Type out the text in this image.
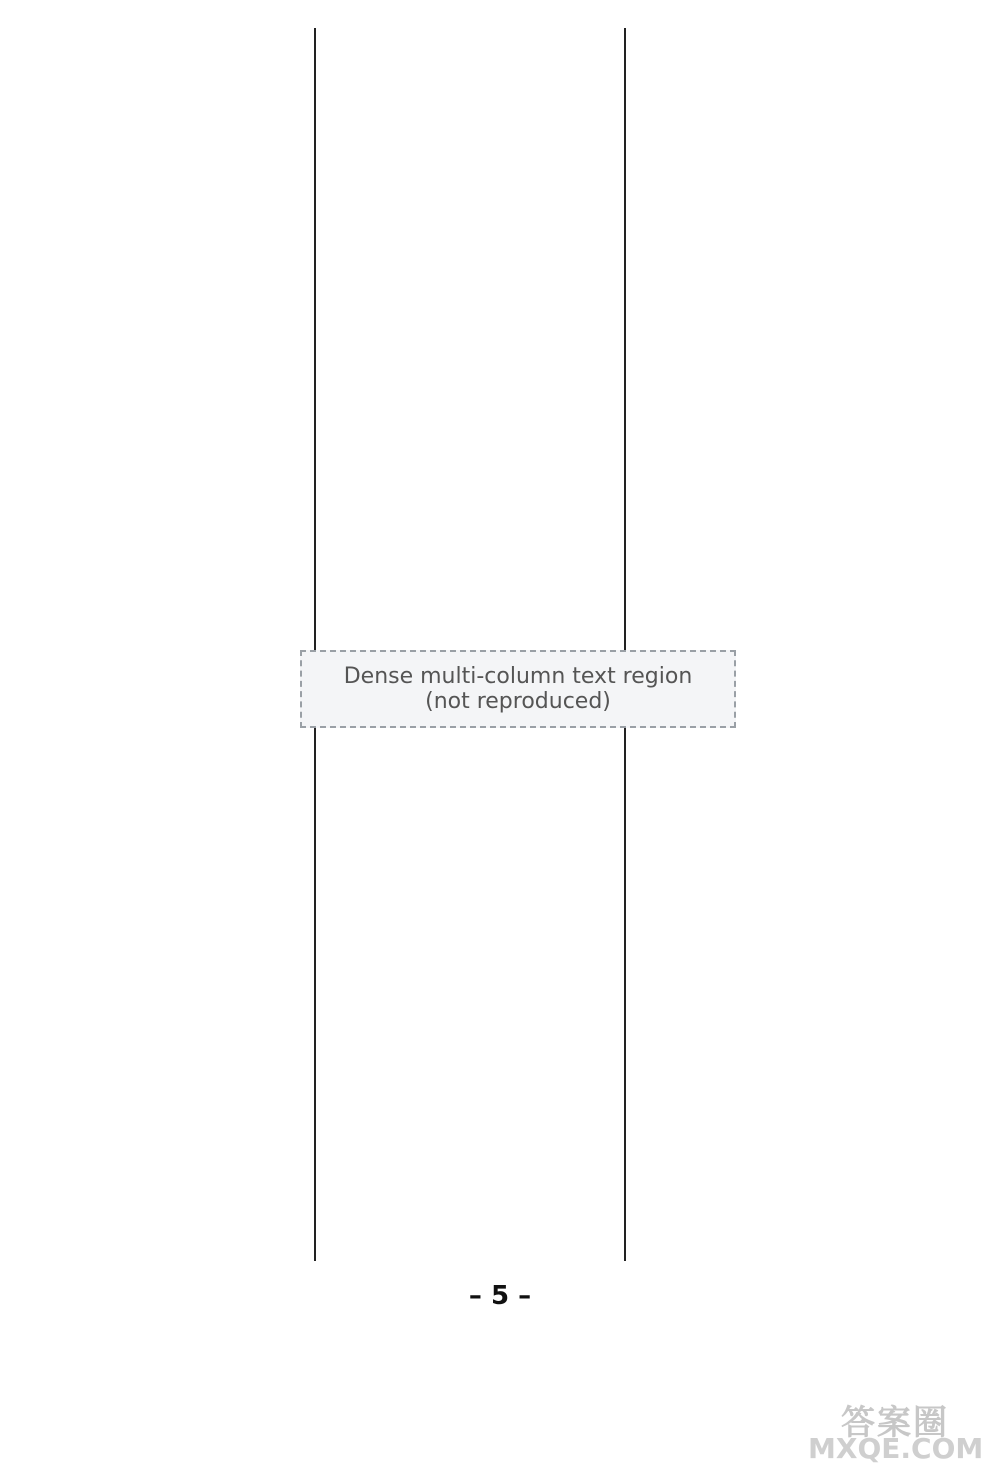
Dense multi-column text region (not reproduced)
– 5 –
答案圈
MXQE.COM
